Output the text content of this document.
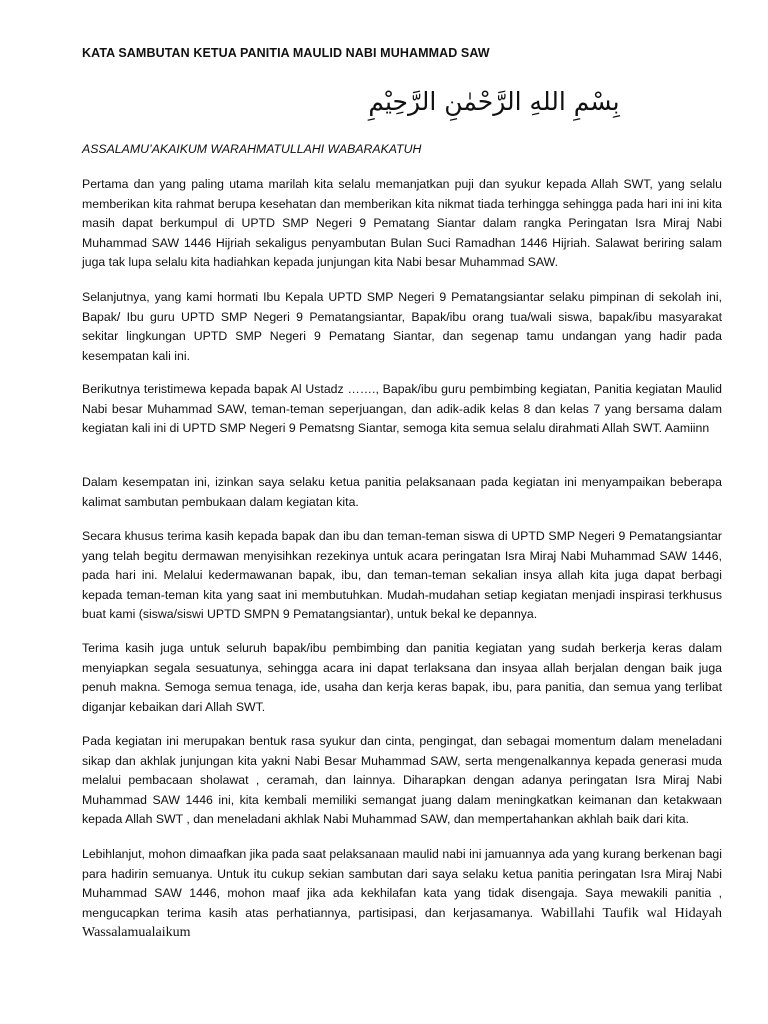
KATA SAMBUTAN KETUA PANITIA MAULID NABI MUHAMMAD SAW
بِسْمِ اللهِ الرَّحْمٰنِ الرَّحِيْمِ
ASSALAMU’AKAIKUM WARAHMATULLAHI WABARAKATUH

Pertama dan yang paling utama marilah kita selalu memanjatkan puji dan syukur kepada Allah SWT, yang selalu memberikan kita rahmat berupa kesehatan dan memberikan kita nikmat tiada terhingga sehingga pada hari ini ini kita masih dapat berkumpul di UPTD SMP Negeri 9 Pematang Siantar dalam rangka Peringatan Isra Miraj Nabi Muhammad SAW 1446 Hijriah sekaligus penyambutan Bulan Suci Ramadhan 1446 Hijriah. Salawat beriring salam juga tak lupa selalu kita hadiahkan kepada junjungan kita Nabi besar Muhammad SAW.

Selanjutnya, yang kami hormati Ibu Kepala UPTD SMP Negeri 9 Pematangsiantar selaku pimpinan di sekolah ini, Bapak/ Ibu guru UPTD SMP Negeri 9 Pematangsiantar, Bapak/ibu orang tua/wali siswa, bapak/ibu masyarakat sekitar lingkungan UPTD SMP Negeri 9 Pematang Siantar, dan segenap tamu undangan yang hadir pada kesempatan kali ini.

Berikutnya teristimewa kepada bapak Al Ustadz ……., Bapak/ibu guru pembimbing kegiatan, Panitia kegiatan Maulid Nabi besar Muhammad SAW, teman-teman seperjuangan, dan adik-adik kelas 8 dan kelas 7 yang bersama dalam kegiatan kali ini di UPTD SMP Negeri 9 Pematsng Siantar, semoga kita semua selalu dirahmati Allah SWT. Aamiinn

Dalam kesempatan ini, izinkan saya selaku ketua panitia pelaksanaan pada kegiatan ini menyampaikan beberapa kalimat sambutan pembukaan dalam kegiatan kita.

Secara khusus terima kasih kepada bapak dan ibu dan teman-teman siswa di UPTD SMP Negeri 9 Pematangsiantar yang telah begitu dermawan menyisihkan rezekinya untuk acara peringatan Isra Miraj Nabi Muhammad SAW 1446, pada hari ini. Melalui kedermawanan bapak, ibu, dan teman-teman sekalian insya allah kita juga dapat berbagi kepada teman-teman kita yang saat ini membutuhkan. Mudah-mudahan setiap kegiatan menjadi inspirasi terkhusus buat kami (siswa/siswi UPTD SMPN 9 Pematangsiantar), untuk bekal ke depannya.

Terima kasih juga untuk seluruh bapak/ibu pembimbing dan panitia kegiatan yang sudah berkerja keras dalam menyiapkan segala sesuatunya, sehingga acara ini dapat terlaksana dan insyaa allah berjalan dengan baik juga penuh makna. Semoga semua tenaga, ide, usaha dan kerja keras bapak, ibu, para panitia, dan semua yang terlibat diganjar kebaikan dari Allah SWT.

Pada kegiatan ini merupakan bentuk rasa syukur dan cinta, pengingat, dan sebagai momentum dalam meneladani sikap dan akhlak junjungan kita yakni Nabi Besar Muhammad SAW, serta mengenalkannya kepada generasi muda melalui pembacaan sholawat , ceramah, dan lainnya. Diharapkan dengan adanya peringatan Isra Miraj Nabi Muhammad SAW 1446 ini, kita kembali memiliki semangat juang dalam meningkatkan keimanan dan ketakwaan kepada Allah SWT , dan meneladani akhlak Nabi Muhammad SAW, dan mempertahankan akhlah baik dari kita.

Lebihlanjut, mohon dimaafkan jika pada saat pelaksanaan maulid nabi ini jamuannya ada yang kurang berkenan bagi para hadirin semuanya. Untuk itu cukup sekian sambutan dari saya selaku ketua panitia peringatan Isra Miraj Nabi Muhammad SAW 1446, mohon maaf jika ada kekhilafan kata yang tidak disengaja. Saya mewakili panitia , mengucapkan terima kasih atas perhatiannya, partisipasi, dan kerjasamanya. Wabillahi Taufik wal Hidayah Wassalamualaikum
